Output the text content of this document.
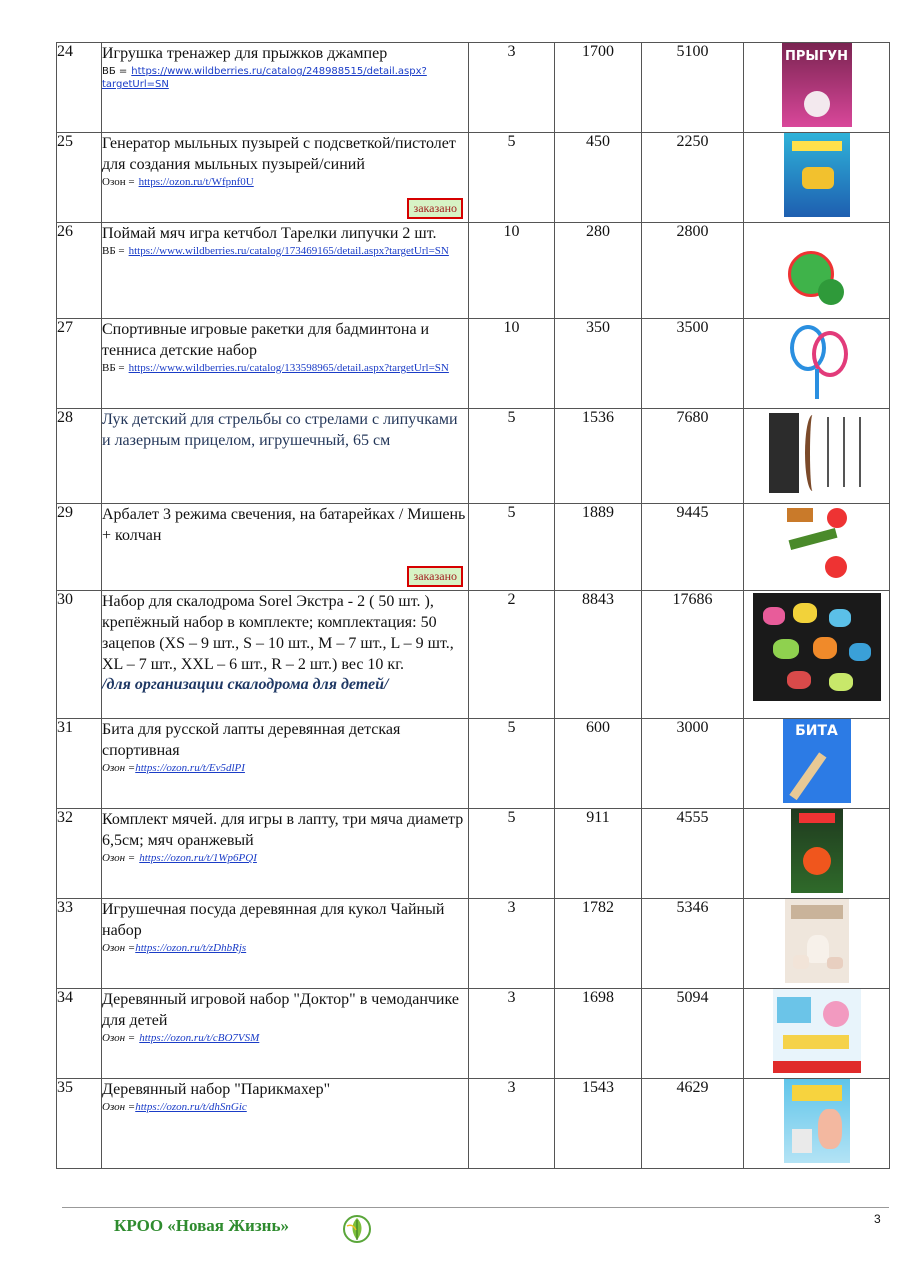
24	Игрушка тренажер для прыжков джампер
ВБ = https://www.wildberries.ru/catalog/248988515/detail.aspx?targetUrl=SN	3	1700	5100	ПРЫГУН

25	Генератор мыльных пузырей с подсветкой/пистолет для создания мыльных пузырей/синий
Озон = https://ozon.ru/t/Wfpnf0U
заказано	5	450	2250	

26	Поймай мяч игра кетчбол Тарелки липучки 2 шт.
ВБ = https://www.wildberries.ru/catalog/173469165/detail.aspx?targetUrl=SN	10	280	2800	

27	Спортивные игровые ракетки для бадминтона и тенниса детские набор
ВБ = https://www.wildberries.ru/catalog/133598965/detail.aspx?targetUrl=SN	10	350	3500	

28	Лук детский для стрельбы со стрелами с липучками и лазерным прицелом, игрушечный, 65 см	5	1536	7680	

29	Арбалет 3 режима свечения, на батарейках / Мишень + колчан
заказано	5	1889	9445	

30	Набор для скалодрома Sorel Экстра - 2 ( 50 шт. ), крепёжный набор в комплекте; комплектация: 50 зацепов (XS – 9 шт., S – 10 шт., M – 7 шт., L – 9 шт., XL – 7 шт., XXL – 6 шт., R – 2 шт.) вес 10 кг.
/для организации скалодрома для детей/	2	8843	17686	

31	Бита для русской лапты деревянная детская спортивная
Озон =https://ozon.ru/t/Ev5dlPI	5	600	3000	БИТА

32	Комплект мячей. для игры в лапту, три мяча диаметр 6,5см; мяч оранжевый
Озон = https://ozon.ru/t/1Wp6PQI	5	911	4555	

33	Игрушечная посуда деревянная для кукол Чайный набор
Озон =https://ozon.ru/t/zDhbRjs	3	1782	5346	

34	Деревянный игровой набор "Доктор" в чемоданчике для детей
Озон = https://ozon.ru/t/cBO7VSM	3	1698	5094	

35	Деревянный набор "Парикмахер"
Озон =https://ozon.ru/t/dhSnGic	3	1543	4629	
КРОО «Новая Жизнь»	3
